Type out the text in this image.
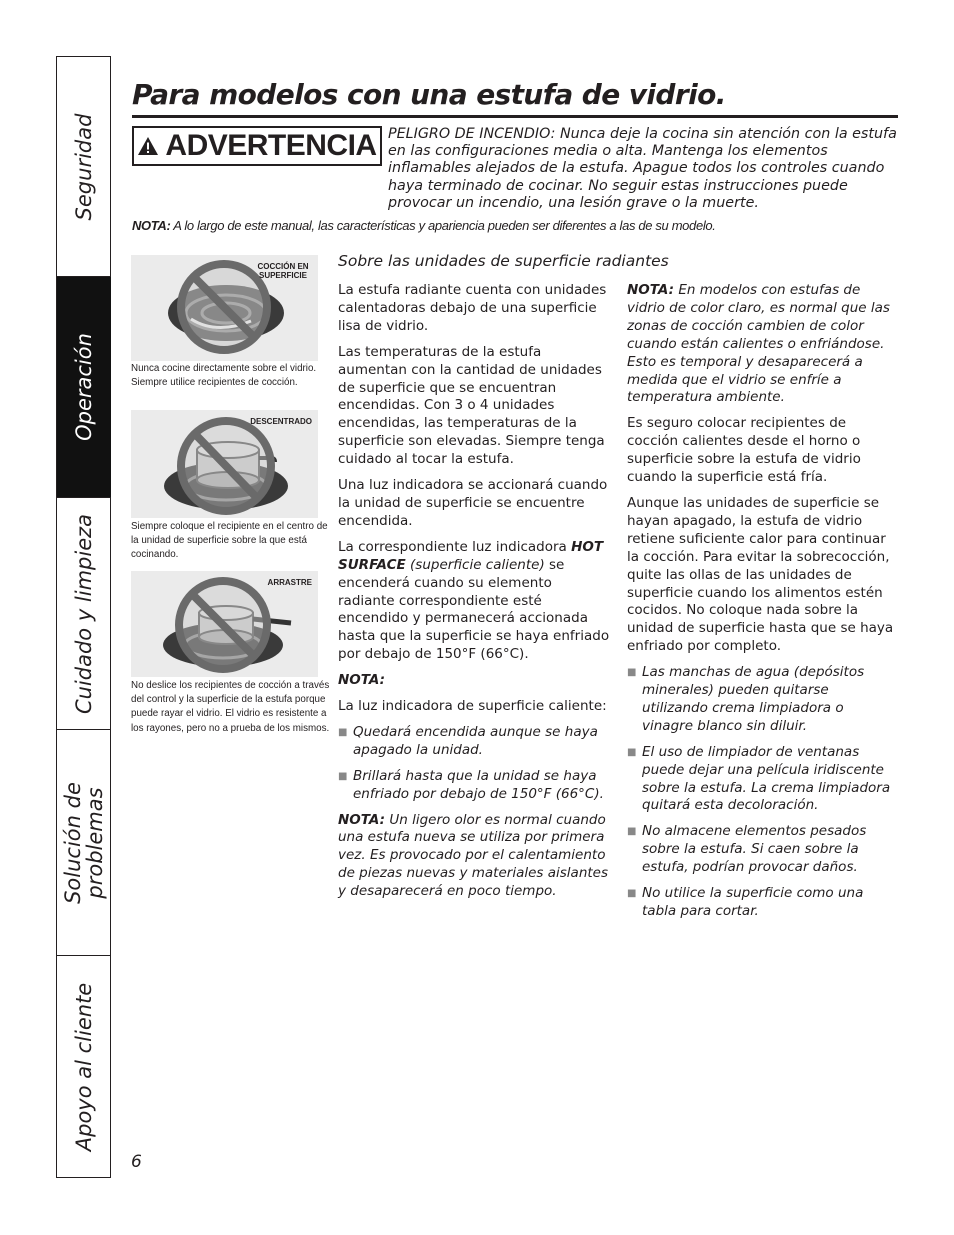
Seguridad
Operación
Cuidado y limpieza
Solución de
problemas
Apoyo al cliente
Para modelos con una estufa de vidrio.
ADVERTENCIA PELIGRO DE INCENDIO: Nunca deje la cocina sin atención con la estufa en las configuraciones media o alta. Mantenga los elementos inflamables alejados de la estufa. Apague todos los controles cuando haya terminado de cocinar. No seguir estas instrucciones puede provocar un incendio, una lesión grave o la muerte.
NOTA: A lo largo de este manual, las características y apariencia pueden ser diferentes a las de su modelo.
COCCIÓN EN SUPERFICIE
Nunca cocine directamente sobre el vidrio. Siempre utilice recipientes de cocción.
DESCENTRADO
Siempre coloque el recipiente en el centro de la unidad de superficie sobre la que está cocinando.
ARRASTRE
No deslice los recipientes de cocción a través del control y la superficie de la estufa porque puede rayar el vidrio. El vidrio es resistente a los rayones, pero no a prueba de los mismos.
Sobre las unidades de superficie radiantes

La estufa radiante cuenta con unidades calentadoras debajo de una superficie lisa de vidrio.

Las temperaturas de la estufa aumentan con la cantidad de unidades de superficie que se encuentran encendidas. Con 3 o 4 unidades encendidas, las temperaturas de la superficie son elevadas. Siempre tenga cuidado al tocar la estufa.

Una luz indicadora se accionará cuando la unidad de superficie se encuentre encendida.

La correspondiente luz indicadora HOT SURFACE (superficie caliente) se encenderá cuando su elemento radiante correspondiente esté encendido y permanecerá accionada hasta que la superficie se haya enfriado por debajo de 150°F (66°C).

NOTA:

La luz indicadora de superficie caliente:

■ Quedará encendida aunque se haya apagado la unidad.
■ Brillará hasta que la unidad se haya enfriado por debajo de 150°F (66°C).

NOTA: Un ligero olor es normal cuando una estufa nueva se utiliza por primera vez. Es provocado por el calentamiento de piezas nuevas y materiales aislantes y desaparecerá en poco tiempo.

NOTA: En modelos con estufas de vidrio de color claro, es normal que las zonas de cocción cambien de color cuando están calientes o enfriándose. Esto es temporal y desaparecerá a medida que el vidrio se enfríe a temperatura ambiente.

Es seguro colocar recipientes de cocción calientes desde el horno o superficie sobre la estufa de vidrio cuando la superficie está fría.

Aunque las unidades de superficie se hayan apagado, la estufa de vidrio retiene suficiente calor para continuar la cocción. Para evitar la sobrecocción, quite las ollas de las unidades de superficie cuando los alimentos estén cocidos. No coloque nada sobre la unidad de superficie hasta que se haya enfriado por completo.

■ Las manchas de agua (depósitos minerales) pueden quitarse utilizando crema limpiadora o vinagre blanco sin diluir.
■ El uso de limpiador de ventanas puede dejar una película iridiscente sobre la estufa. La crema limpiadora quitará esta decoloración.
■ No almacene elementos pesados sobre la estufa. Si caen sobre la estufa, podrían provocar daños.
■ No utilice la superficie como una tabla para cortar.
6
